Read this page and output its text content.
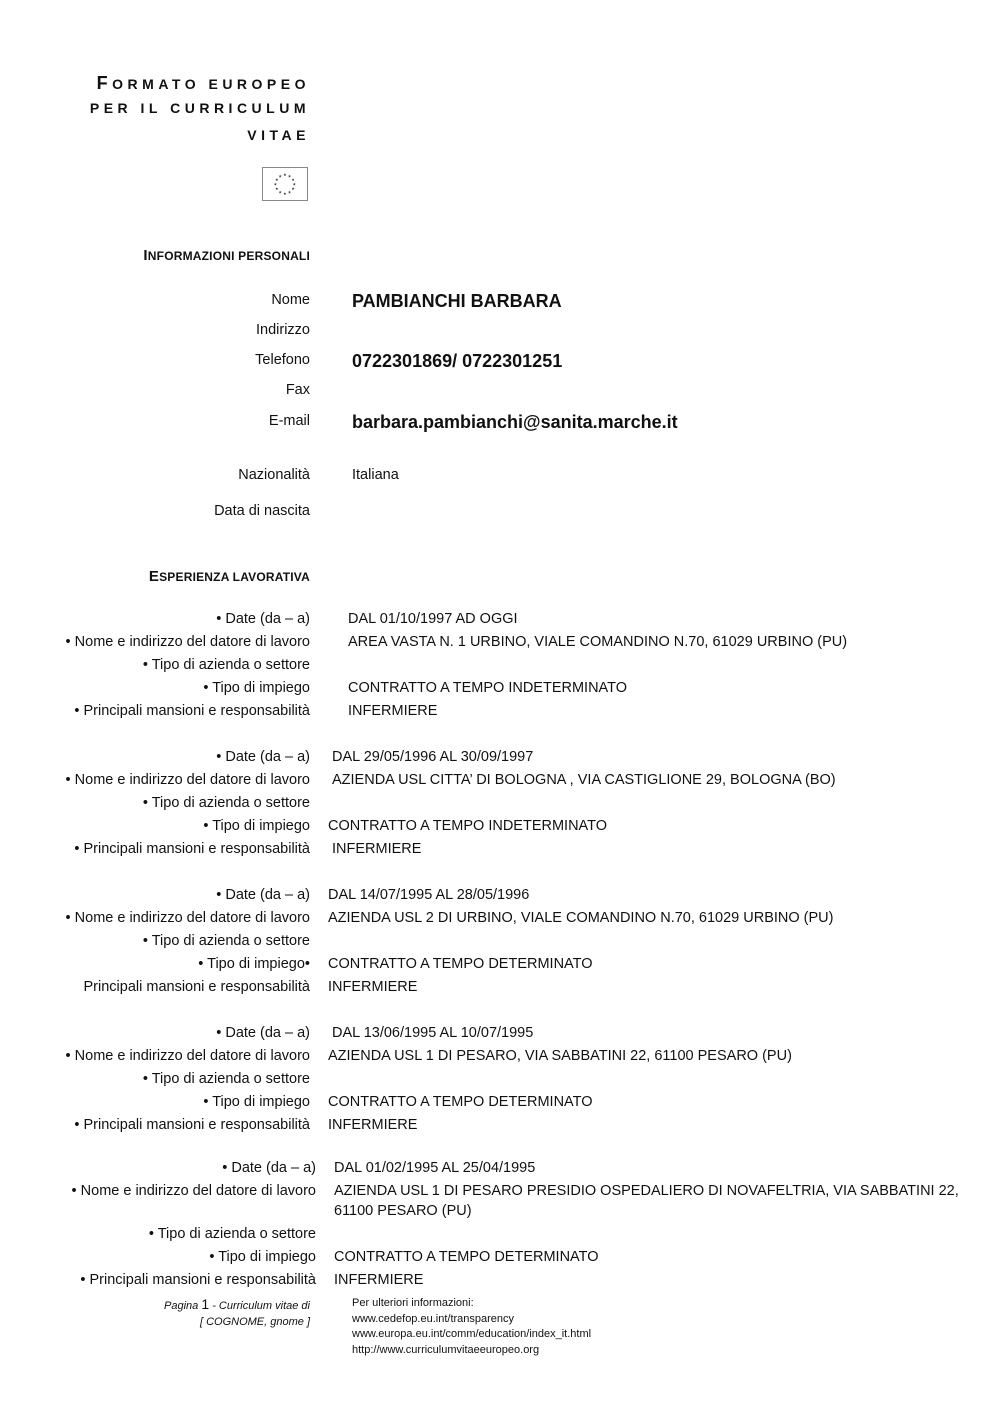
FORMATO EUROPEO
PER IL CURRICULUM
VITAE
★ ★
★
★
★
★
★
★
★
★
★
★
INFORMAZIONI PERSONALI
Nome PAMBIANCHI BARBARA
Indirizzo
Telefono 0722301869/ 0722301251
Fax
E-mail barbara.pambianchi@sanita.marche.it
Nazionalità	Italiana
Data di nascita
ESPERIENZA LAVORATIVA
• Date (da – a)	DAL 01/10/1997 AD OGGI
• Nome e indirizzo del datore di lavoro	AREA VASTA N. 1 URBINO, VIALE COMANDINO N.70, 61029 URBINO (PU)
• Tipo di azienda o settore
• Tipo di impiego	CONTRATTO A TEMPO INDETERMINATO
• Principali mansioni e responsabilità	INFERMIERE
• Date (da – a) DAL 29/05/1996 AL 30/09/1997
• Nome e indirizzo del datore di lavoro AZIENDA USL CITTA’ DI BOLOGNA , VIA CASTIGLIONE 29, BOLOGNA (BO)
• Tipo di azienda o settore
• Tipo di impiego CONTRATTO A TEMPO INDETERMINATO
• Principali mansioni e responsabilità INFERMIERE
• Date (da – a) DAL 14/07/1995 AL 28/05/1996
• Nome e indirizzo del datore di lavoro AZIENDA USL 2 DI URBINO, VIALE COMANDINO N.70, 61029 URBINO (PU)
• Tipo di azienda o settore
• Tipo di impiego• CONTRATTO A TEMPO DETERMINATO
Principali mansioni e responsabilità INFERMIERE
• Date (da – a) DAL 13/06/1995 AL 10/07/1995
• Nome e indirizzo del datore di lavoro AZIENDA USL 1 DI PESARO, VIA SABBATINI 22, 61100 PESARO (PU)
• Tipo di azienda o settore
• Tipo di impiego CONTRATTO A TEMPO DETERMINATO
• Principali mansioni e responsabilità INFERMIERE
• Date (da – a) DAL 01/02/1995 AL 25/04/1995
• Nome e indirizzo del datore di lavoro AZIENDA USL 1 DI PESARO PRESIDIO OSPEDALIERO DI NOVAFELTRIA, VIA SABBATINI 22,
61100 PESARO (PU)
• Tipo di azienda o settore
• Tipo di impiego CONTRATTO A TEMPO DETERMINATO
• Principali mansioni e responsabilità INFERMIERE
Pagina 1 - Curriculum vitae di
[ COGNOME, gnome ]
Per ulteriori informazioni:
www.cedefop.eu.int/transparency
www.europa.eu.int/comm/education/index_it.html
http://www.curriculumvitaeeuropeo.org
